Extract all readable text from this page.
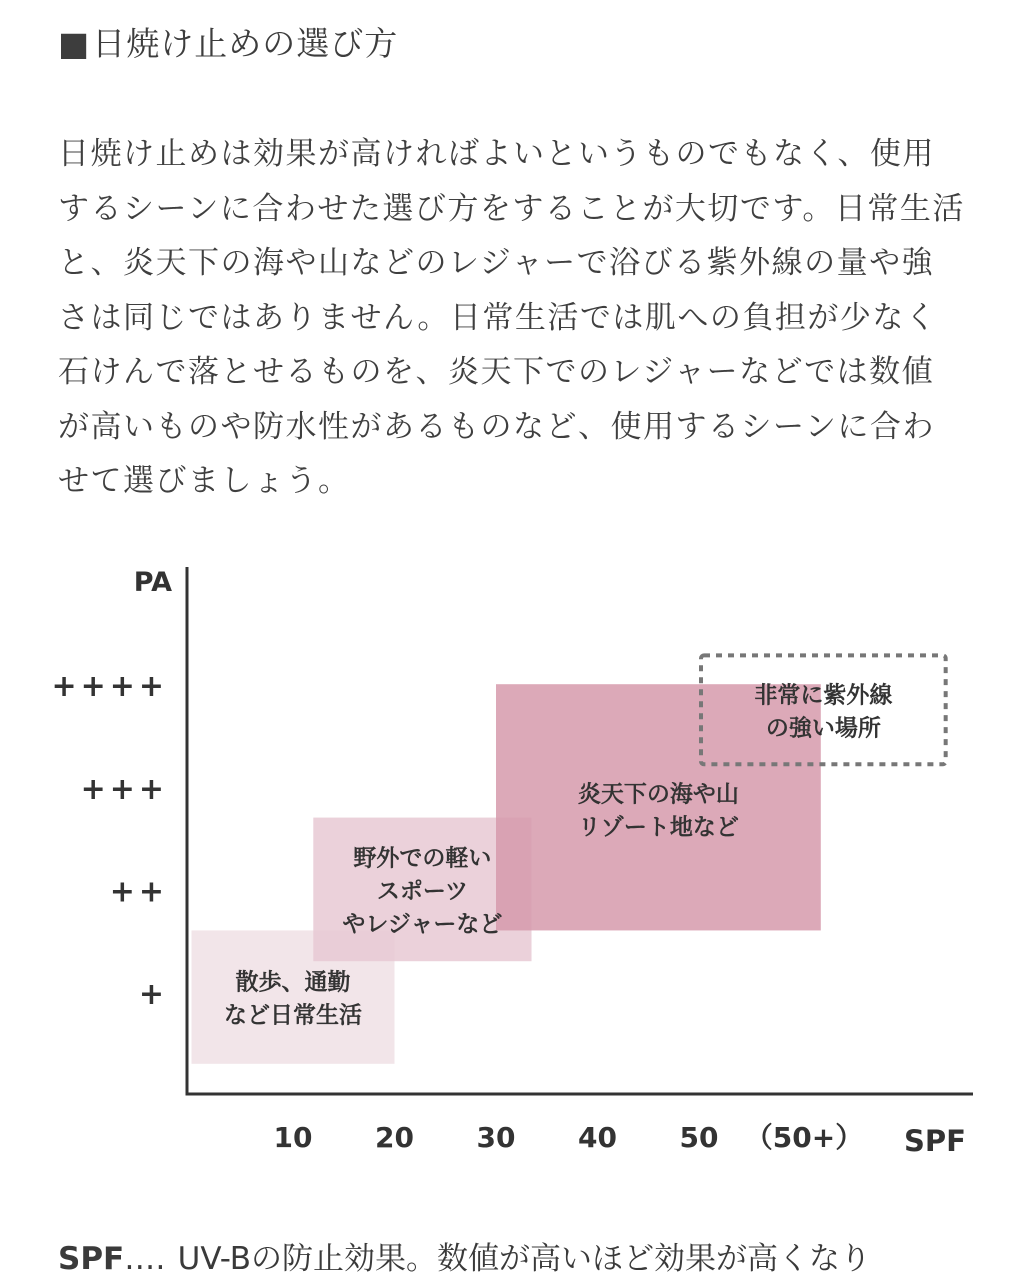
■日焼け止めの選び方

日焼け止めは効果が高ければよいというものでもなく、使用
するシーンに合わせた選び方をすることが大切です。日常生活
と、炎天下の海や山などのレジャーで浴びる紫外線の量や強
さは同じではありません。日常生活では肌への負担が少なく
石けんで落とせるものを、炎天下でのレジャーなどでは数値
が高いものや防水性があるものなど、使用するシーンに合わ
せて選びましょう。

PA
SPF
10 20 30 40 50 （50+）
+
++
+++
++++
散歩、通勤
など日常生活
野外での軽い
スポーツ
やレジャーなど
炎天下の海や山
リゾート地など
非常に紫外線
の強い場所
SPF‥‥ UV-Bの防止効果。数値が高いほど効果が高くなり
